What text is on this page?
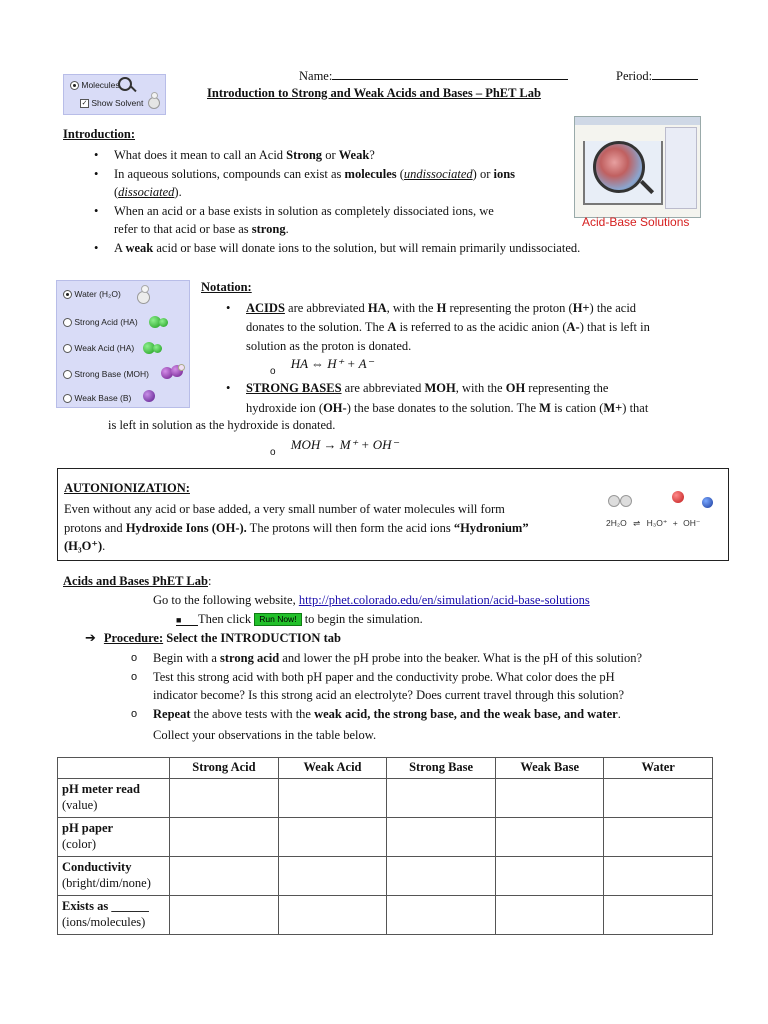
Molecules
✓ Show Solvent
Name:	Period:
Introduction to Strong and Weak Acids and Bases – PhET Lab
Acid-Base Solutions
Introduction:
• What does it mean to call an Acid Strong or Weak?
• In aqueous solutions, compounds can exist as molecules (undissociated) or ions
(dissociated).
• When an acid or a base exists in solution as completely dissociated ions, we
refer to that acid or base as strong.
• A weak acid or base will donate ions to the solution, but will remain primarily undissociated.
Water (H₂O)
Strong Acid (HA)
Weak Acid (HA)
Strong Base (MOH)
Weak Base (B)
Notation:
• ACIDS are abbreviated HA, with the H representing the proton (H+) the acid
donates to the solution. The A is referred to as the acidic anion (A-) that is left in
solution as the proton is donated.
$_o$ HA ⇔ H⁺ + A⁻
• STRONG BASES are abbreviated MOH, with the OH representing the
hydroxide ion (OH-) the base donates to the solution. The M is cation (M+) that
is left in solution as the hydroxide is donated.
$_o$ MOH → M⁺ + OH⁻
AUTONIONIZATION:
Even without any acid or base added, a very small number of water molecules will form
protons and Hydroxide Ions (OH-). The protons will then form the acid ions “Hydronium”
(H₃O⁺).
2H₂O ⇌ H₃O⁺ + OH⁻
Acids and Bases PhET Lab:
Go to the following website, http://phet.colorado.edu/en/simulation/acid-base-solutions
■ Then click Run Now! to begin the simulation.
➔ Procedure: Select the INTRODUCTION tab
o Begin with a strong acid and lower the pH probe into the beaker. What is the pH of this solution?
o Test this strong acid with both pH paper and the conductivity probe. What color does the pH
indicator become? Is this strong acid an electrolyte? Does current travel through this solution?
o Repeat the above tests with the weak acid, the strong base, and the weak base, and water.
Collect your observations in the table below.
	Strong Acid	Weak Acid	Strong Base	Weak Base	Water
pH meter read
(value)					
pH paper
(color)					
Conductivity
(bright/dim/none)					
Exists as ______
(ions/molecules)					
